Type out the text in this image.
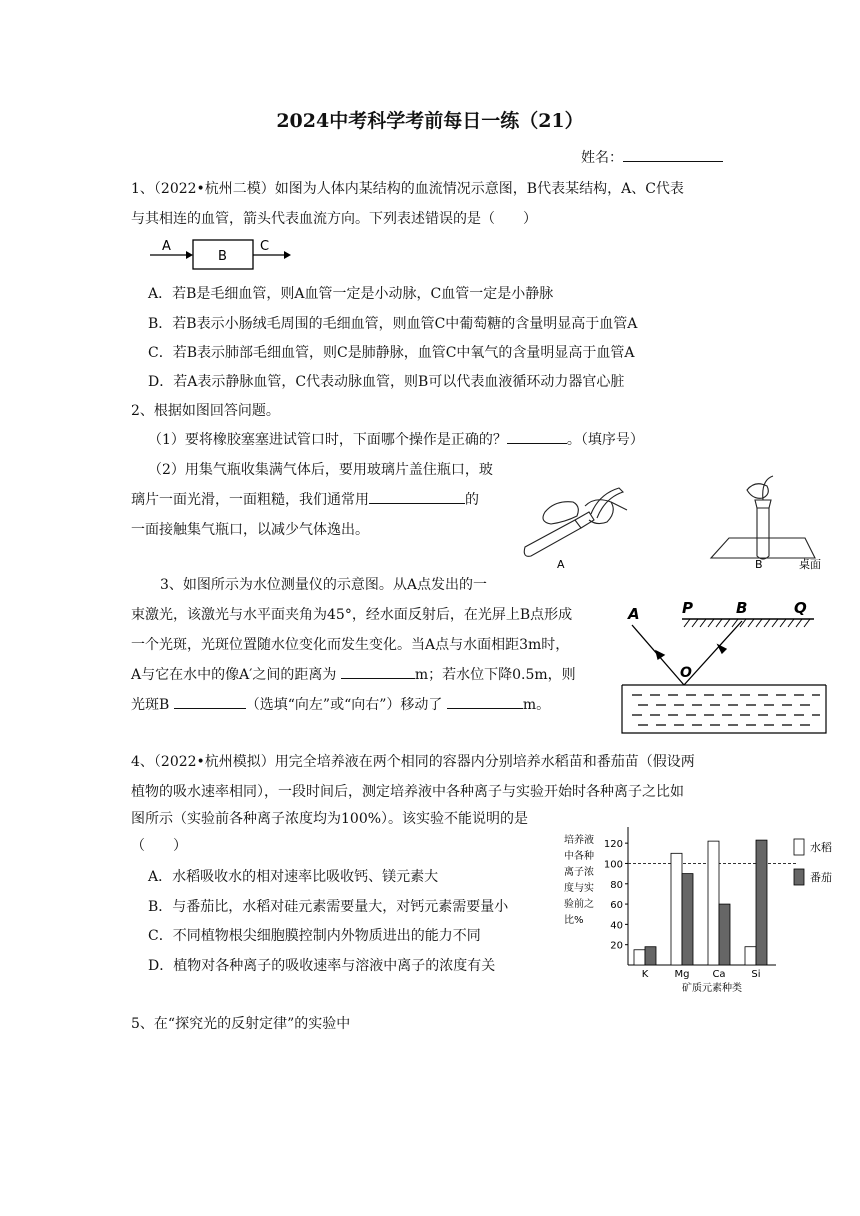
2024中考科学考前每日一练（21）
姓名：
1、（2022•杭州二模）如图为人体内某结构的血流情况示意图，B代表某结构，A、C代表
与其相连的血管，箭头代表血流方向。下列表述错误的是（　　）
A
B
C
A．若B是毛细血管，则A血管一定是小动脉，C血管一定是小静脉
B．若B表示小肠绒毛周围的毛细血管，则血管C中葡萄糖的含量明显高于血管A
C．若B表示肺部毛细血管，则C是肺静脉，血管C中氧气的含量明显高于血管A
D．若A表示静脉血管，C代表动脉血管，则B可以代表血液循环动力器官心脏
2、根据如图回答问题。
（1）要将橡胶塞塞进试管口时，下面哪个操作是正确的？	。（填序号）
（2）用集气瓶收集满气体后，要用玻璃片盖住瓶口，玻
璃片一面光滑，一面粗糙，我们通常用	的
一面接触集气瓶口，以减少气体逸出。
A	B	桌面
3、如图所示为水位测量仪的示意图。从A点发出的一
束激光，该激光与水平面夹角为45°，经水面反射后，在光屏上B点形成
一个光斑，光斑位置随水位变化而发生变化。当A点与水面相距3m时，
A与它在水中的像A′之间的距离为	m；若水位下降0.5m，则
光斑B	（选填“向左”或“向右”）移动了	m。
A	P	B	Q
O
4、（2022•杭州模拟）用完全培养液在两个相同的容器内分别培养水稻苗和番茄苗（假设两
植物的吸水速率相同），一段时间后，测定培养液中各种离子与实验开始时各种离子之比如
图所示（实验前各种离子浓度均为100%）。该实验不能说明的是
（　　）
A．水稻吸收水的相对速率比吸收钙、镁元素大
B．与番茄比，水稻对硅元素需要量大，对钙元素需要量小
C．不同植物根尖细胞膜控制内外物质进出的能力不同
D．植物对各种离子的吸收速率与溶液中离子的浓度有关
培养液
中各种
离子浓
度与实
验前之
比%
20
40
60
80
100
120
K	Mg Ca	Si
水稻
番茄
矿质元素种类
5、在“探究光的反射定律”的实验中
